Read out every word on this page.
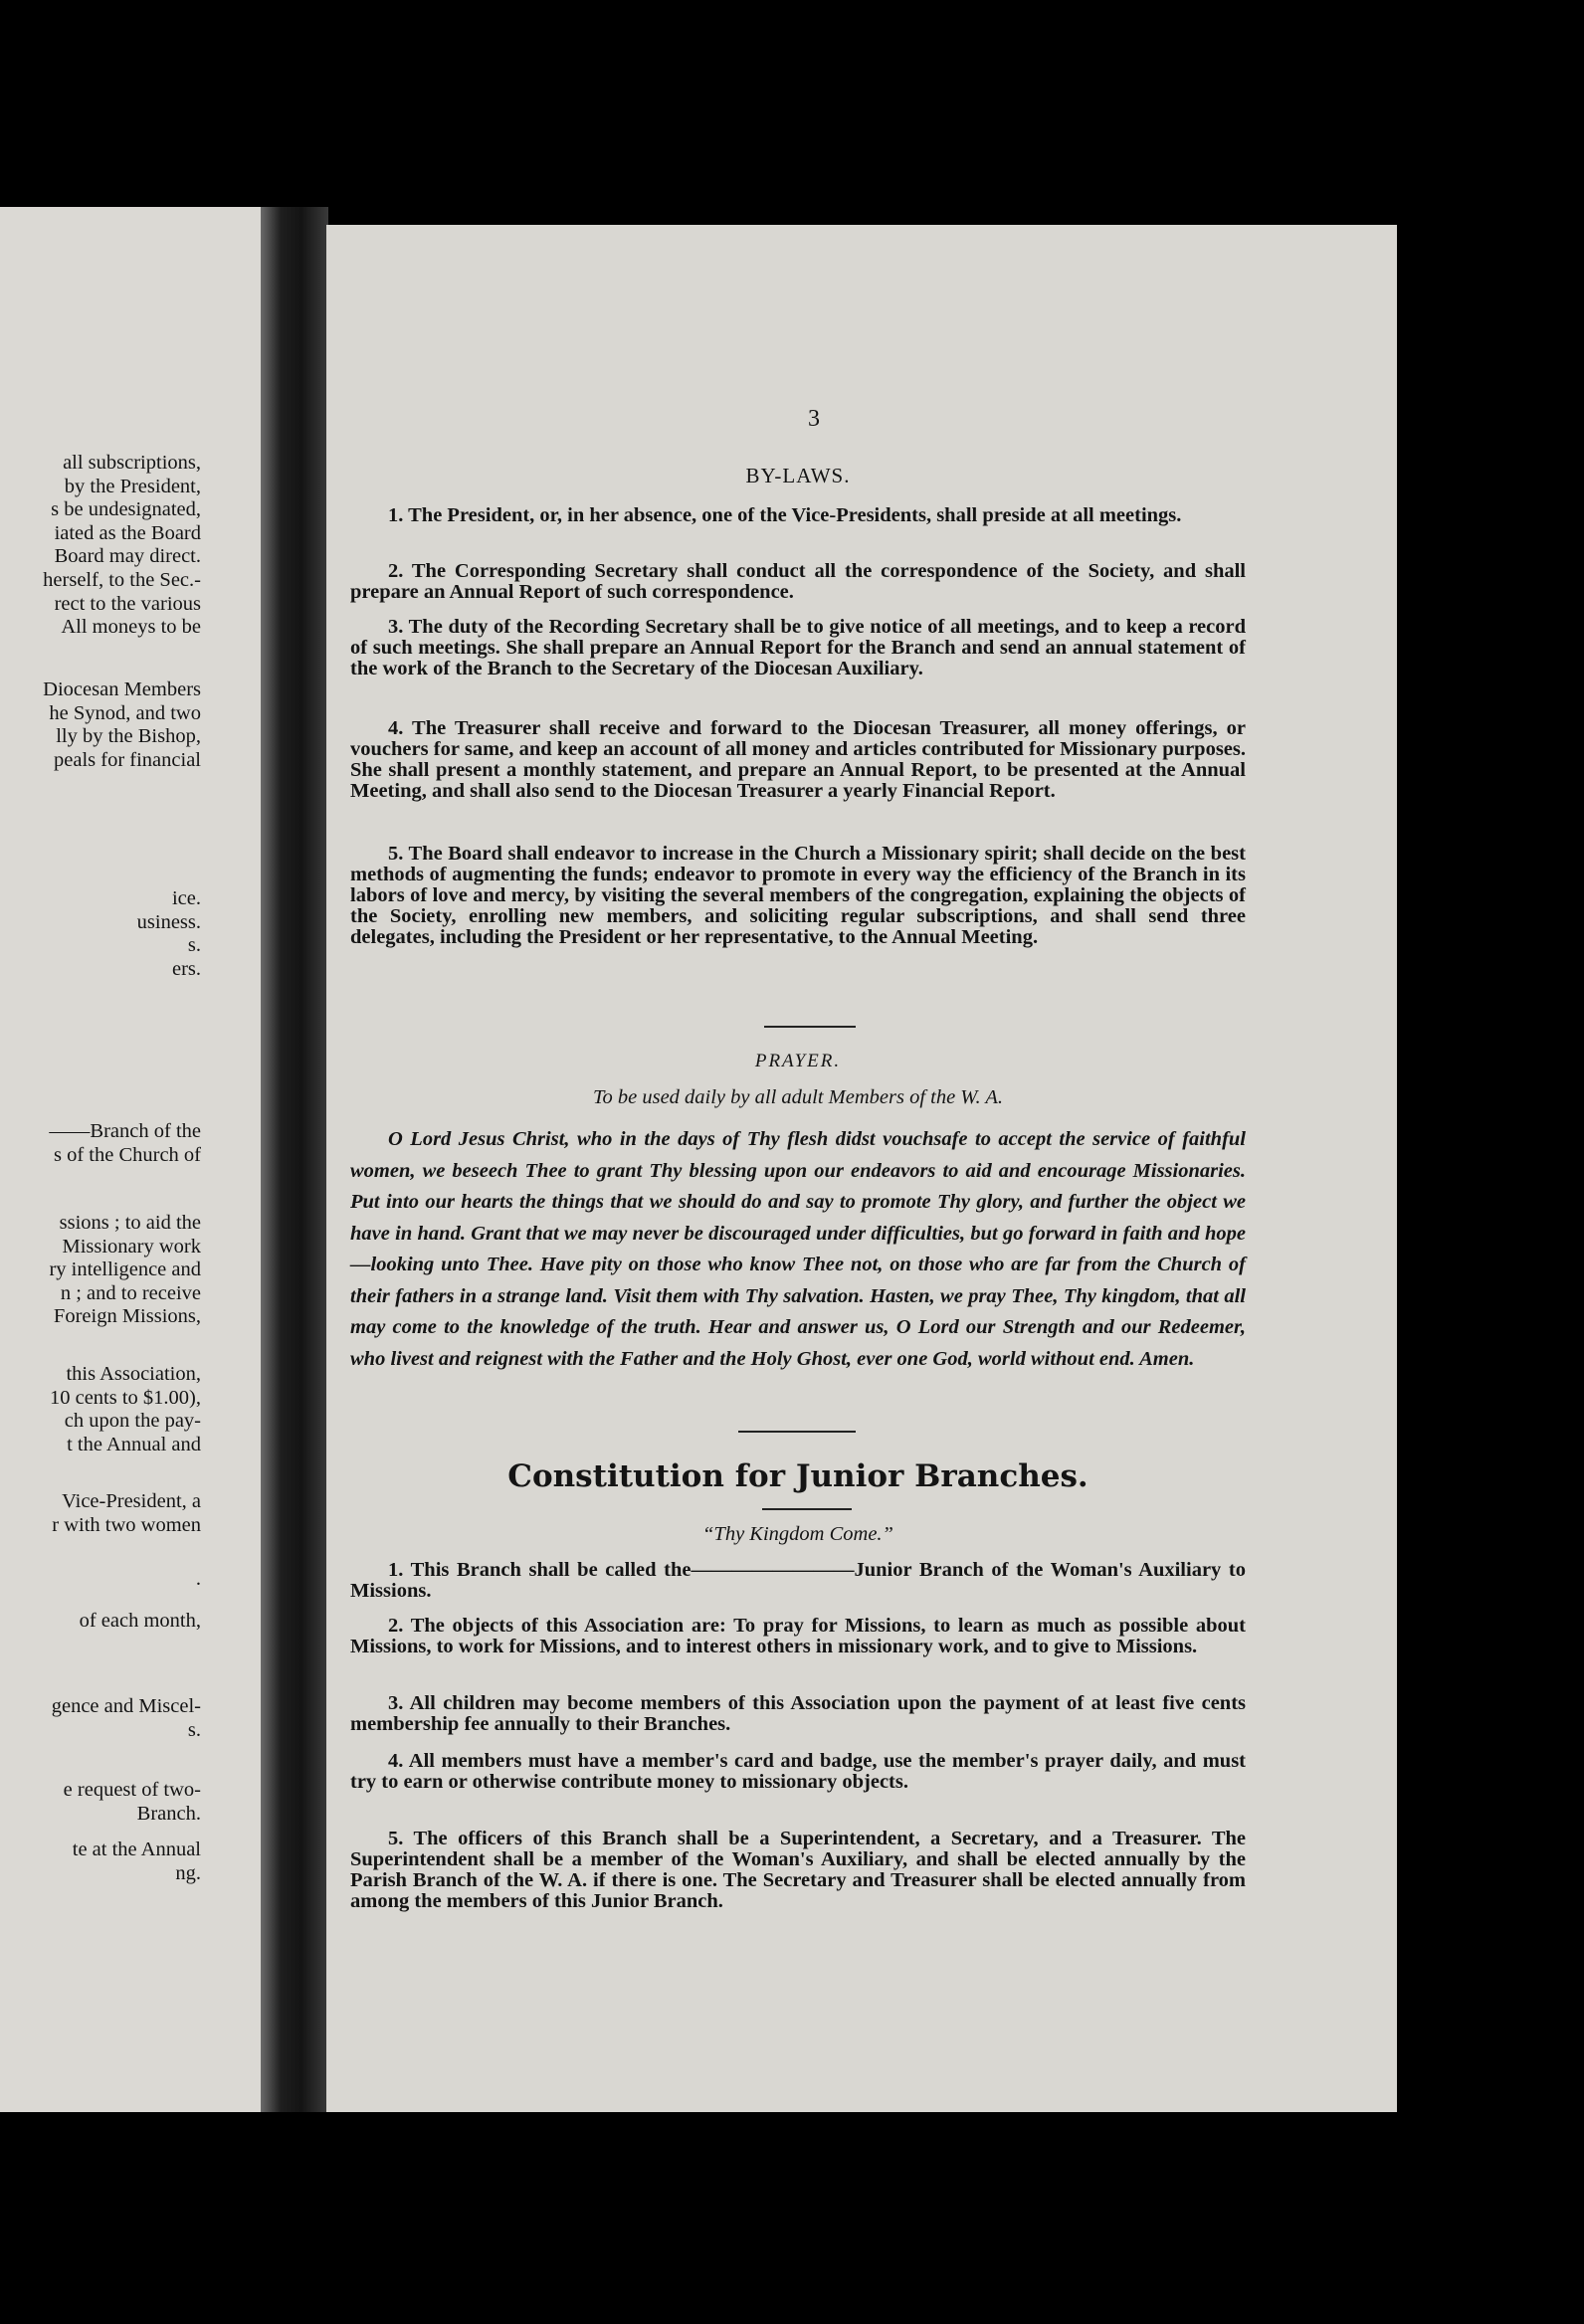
all subscriptions,
by the President,
s be undesignated,
iated as the Board
Board may direct.
herself, to the Sec.-
rect to the various
All moneys to be
Diocesan Members
he Synod, and two
lly by the Bishop,
peals for financial
ice.
usiness.
s.
ers.
——Branch of the
s of the Church of
ssions ; to aid the
Missionary work
ry intelligence and
n ; and to receive
Foreign Missions,
this Association,
10 cents to $1.00),
ch upon the pay-
t the Annual and
Vice-President, a
r with two women
.
of each month,
gence and Miscel-
s.
e request of two-
Branch.
te at the Annual
ng.
3
BY-LAWS.
1. The President, or, in her absence, one of the Vice-Presidents, shall preside at all meetings.
2. The Corresponding Secretary shall conduct all the correspondence of the Society, and shall prepare an Annual Report of such correspondence.
3. The duty of the Recording Secretary shall be to give notice of all meetings, and to keep a record of such meetings. She shall prepare an Annual Report for the Branch and send an annual statement of the work of the Branch to the Secretary of the Diocesan Auxiliary.
4. The Treasurer shall receive and forward to the Diocesan Treasurer, all money offerings, or vouchers for same, and keep an account of all money and articles contributed for Missionary purposes. She shall present a monthly statement, and prepare an Annual Report, to be presented at the Annual Meeting, and shall also send to the Diocesan Treasurer a yearly Financial Report.
5. The Board shall endeavor to increase in the Church a Missionary spirit; shall decide on the best methods of augmenting the funds; endeavor to promote in every way the efficiency of the Branch in its labors of love and mercy, by visiting the several members of the congregation, explaining the objects of the Society, enrolling new members, and soliciting regular subscriptions, and shall send three delegates, including the President or her representative, to the Annual Meeting.
PRAYER.
To be used daily by all adult Members of the W. A.
O Lord Jesus Christ, who in the days of Thy flesh didst vouchsafe to accept the service of faithful women, we beseech Thee to grant Thy blessing upon our endeavors to aid and encourage Missionaries. Put into our hearts the things that we should do and say to promote Thy glory, and further the object we have in hand. Grant that we may never be discouraged under difficulties, but go forward in faith and hope—looking unto Thee. Have pity on those who know Thee not, on those who are far from the Church of their fathers in a strange land. Visit them with Thy salvation. Hasten, we pray Thee, Thy kingdom, that all may come to the knowledge of the truth. Hear and answer us, O Lord our Strength and our Redeemer, who livest and reignest with the Father and the Holy Ghost, ever one God, world without end. Amen.
Constitution for Junior Branches.
“Thy Kingdom Come.”
1. This Branch shall be called the————————Junior Branch of the Woman's Auxiliary to Missions.
2. The objects of this Association are: To pray for Missions, to learn as much as possible about Missions, to work for Missions, and to interest others in missionary work, and to give to Missions.
3. All children may become members of this Association upon the payment of at least five cents membership fee annually to their Branches.
4. All members must have a member's card and badge, use the member's prayer daily, and must try to earn or otherwise contribute money to missionary objects.
5. The officers of this Branch shall be a Superintendent, a Secretary, and a Treasurer. The Superintendent shall be a member of the Woman's Auxiliary, and shall be elected annually by the Parish Branch of the W. A. if there is one. The Secretary and Treasurer shall be elected annually from among the members of this Junior Branch.
